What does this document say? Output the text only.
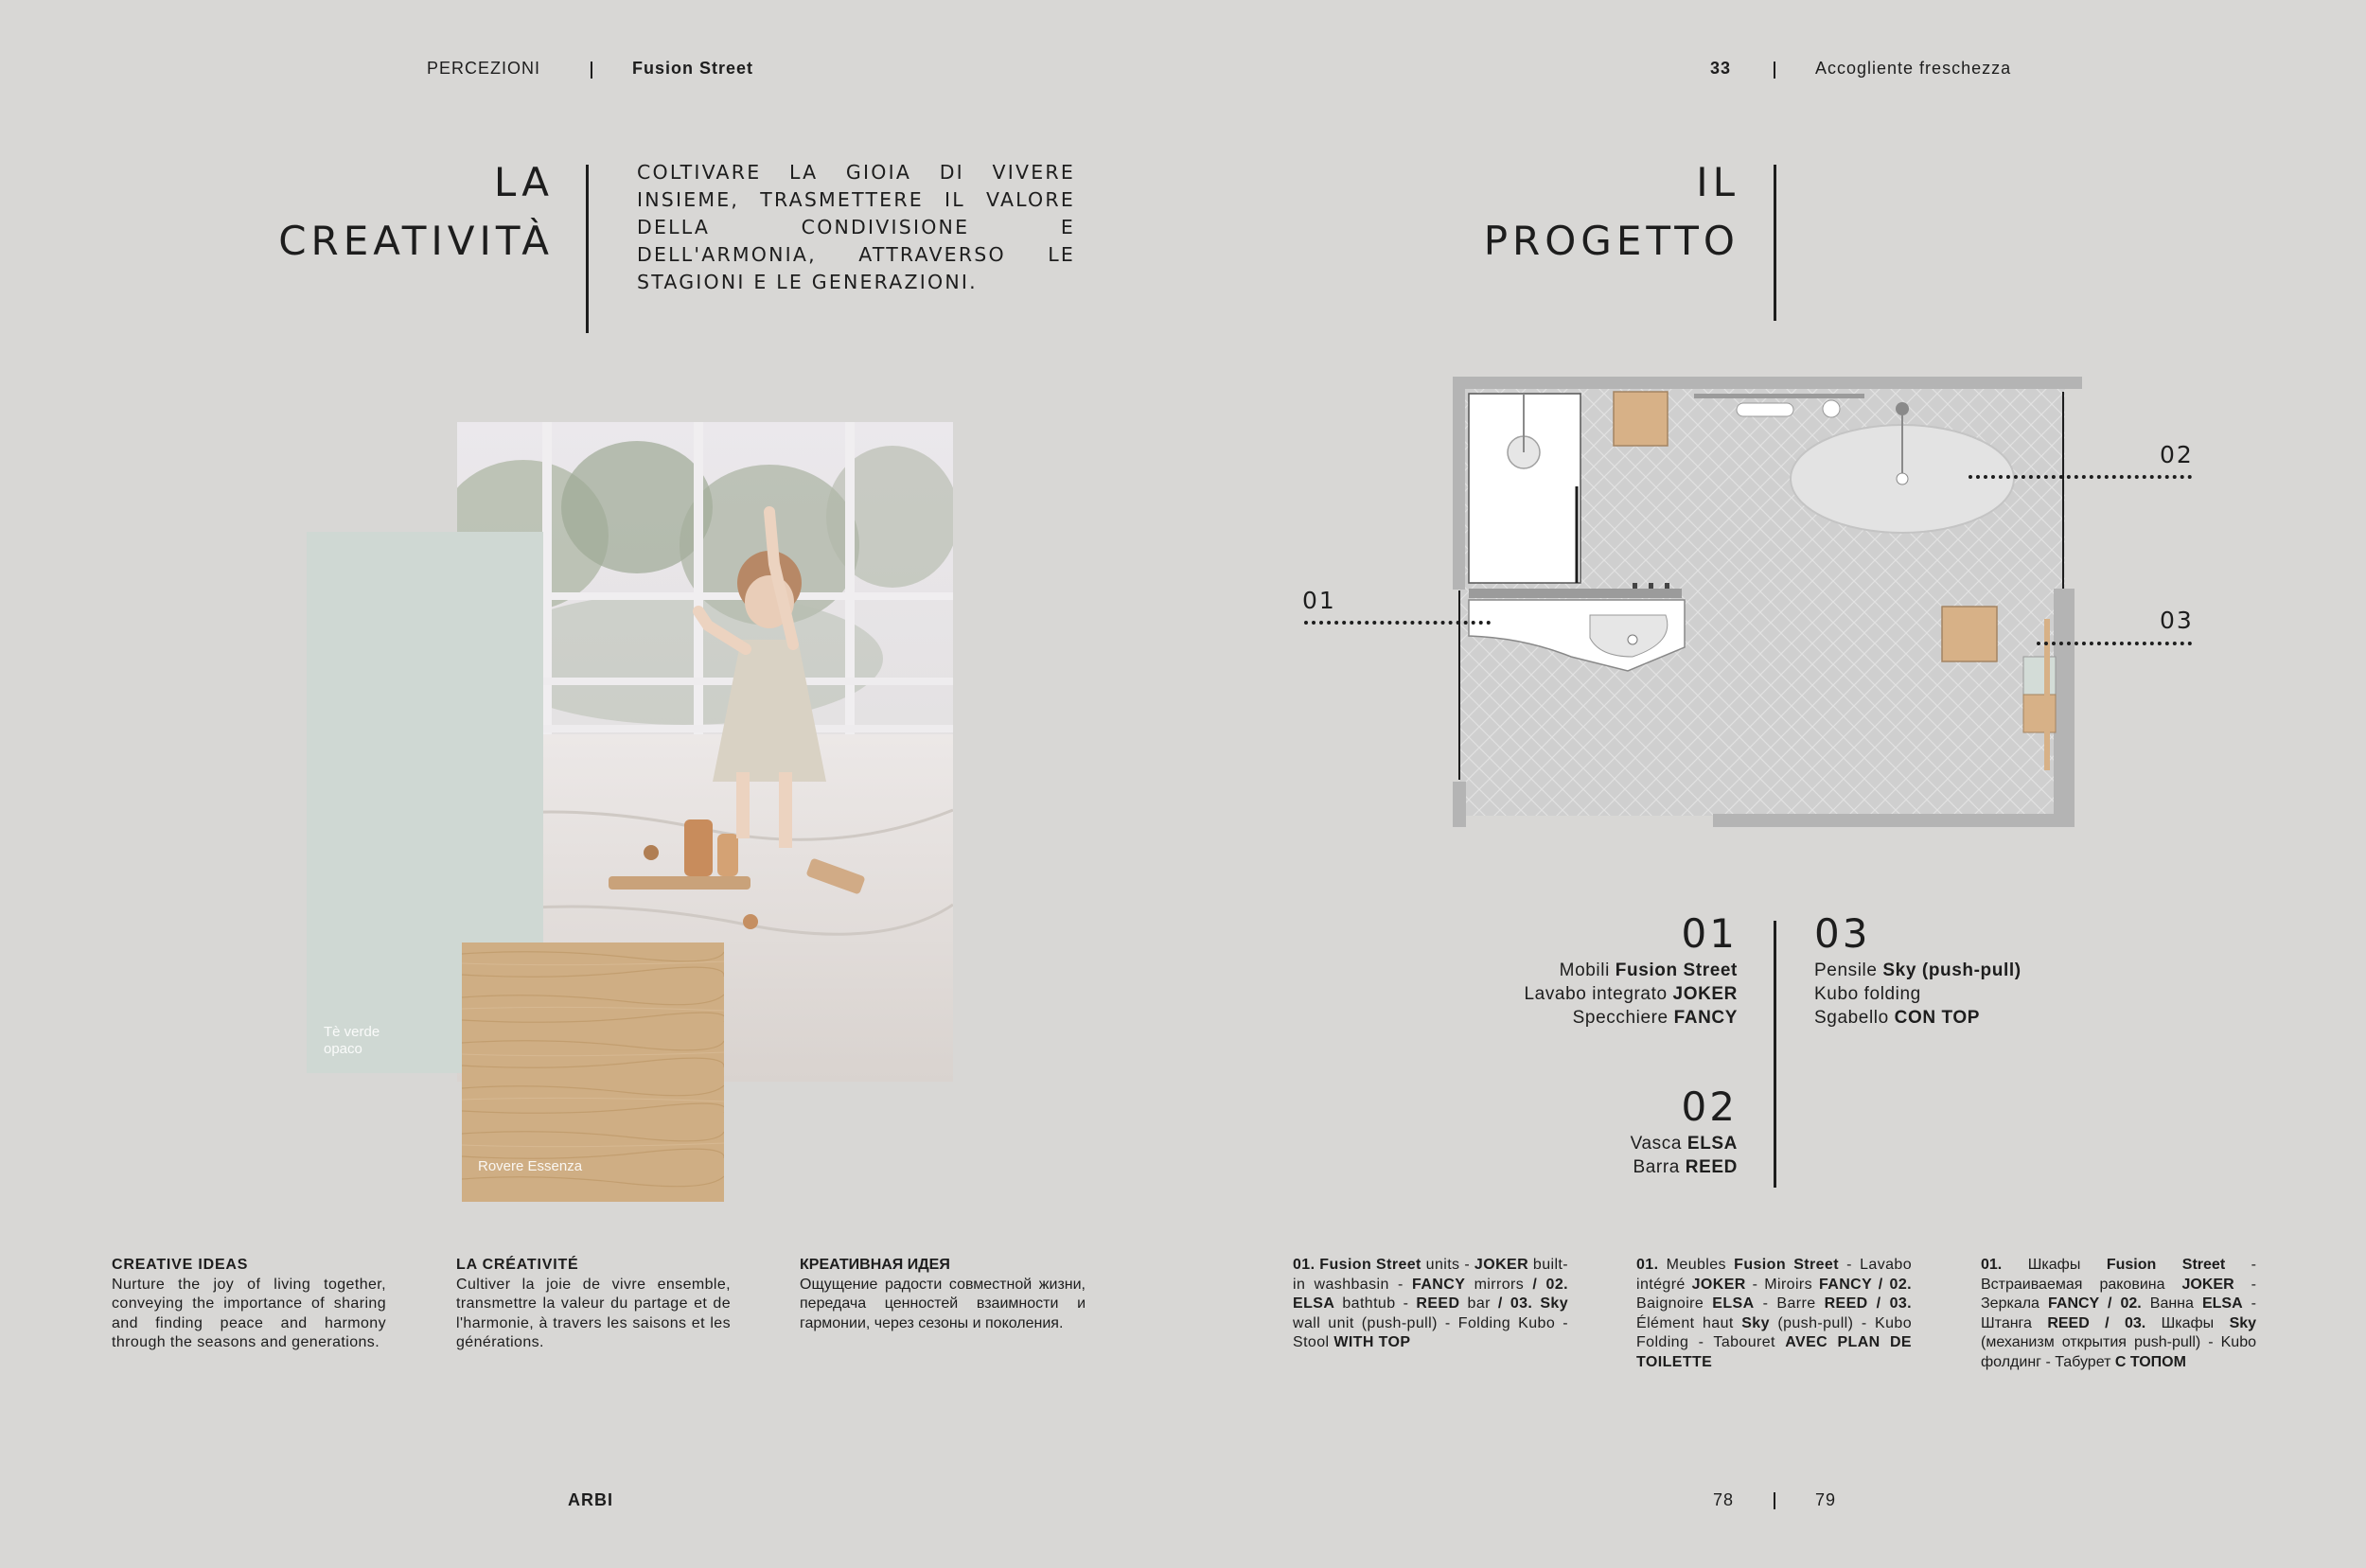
PERCEZIONI	Fusion Street	33	Accogliente freschezza
LA
CREATIVITÀ
COLTIVARE LA GIOIA DI VIVERE INSIEME, TRASMETTERE IL VALORE DELLA CONDIVISIONE E DELL'ARMONIA, ATTRAVERSO LE STAGIONI E LE GENERAZIONI.
Tè verde
opaco
Rovere Essenza
CREATIVE IDEAS
Nurture the joy of living together, conveying the importance of sharing and finding peace and harmony through the seasons and generations.
LA CRÉATIVITÉ
Cultiver la joie de vivre ensemble, transmettre la valeur du partage et de l'harmonie, à travers les saisons et les générations.
КРЕАТИВНАЯ ИДЕЯ
Ощущение радости совместной жизни, передача ценностей взаимности и гармонии, через сезоны и поколения.
IL
PROGETTO
01
02
03
01
Mobili Fusion Street
Lavabo integrato JOKER
Specchiere FANCY
02
Vasca ELSA
Barra REED
03
Pensile Sky (push-pull)
Kubo folding
Sgabello CON TOP
01. Fusion Street units - JOKER built-in washbasin - FANCY mirrors / 02. ELSA bathtub - REED bar / 03. Sky wall unit (push-pull) - Folding Kubo - Stool WITH TOP
01. Meubles Fusion Street - Lavabo intégré JOKER - Miroirs FANCY / 02. Baignoire ELSA - Barre REED / 03. Élément haut Sky (push-pull) - Kubo Folding - Tabouret AVEC PLAN DE TOILETTE
01. Шкафы Fusion Street - Встраиваемая раковина JOKER - Зеркала FANCY / 02. Ванна ELSA - Штанга REED / 03. Шкафы Sky (механизм открытия push-pull) - Kubo фолдинг - Табурет С ТОПОМ
ARBI	78	79
